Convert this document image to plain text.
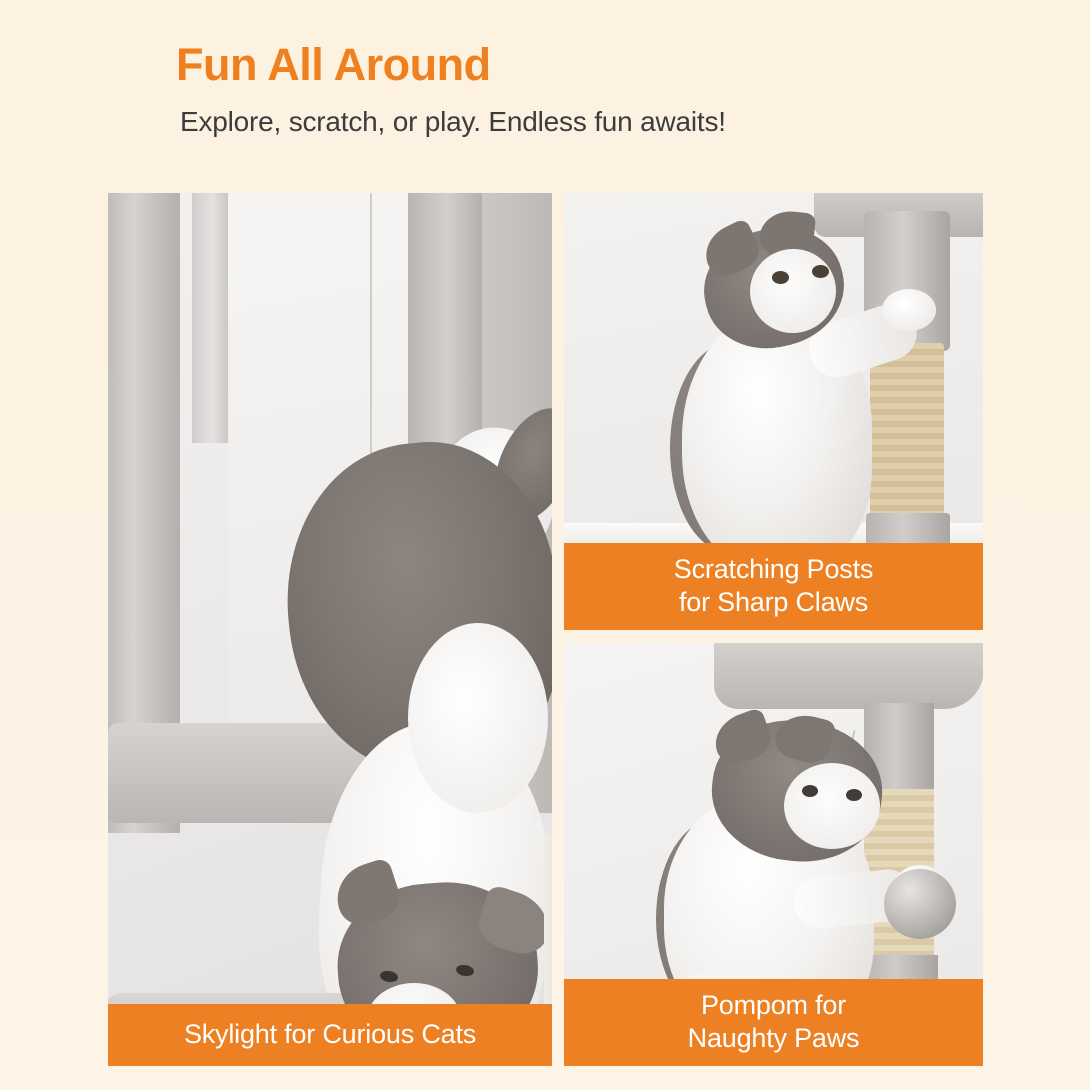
Fun All Around
Explore, scratch, or play. Endless fun awaits!
Skylight for Curious Cats
Scratching Posts
for Sharp Claws
Pompom for
Naughty Paws
